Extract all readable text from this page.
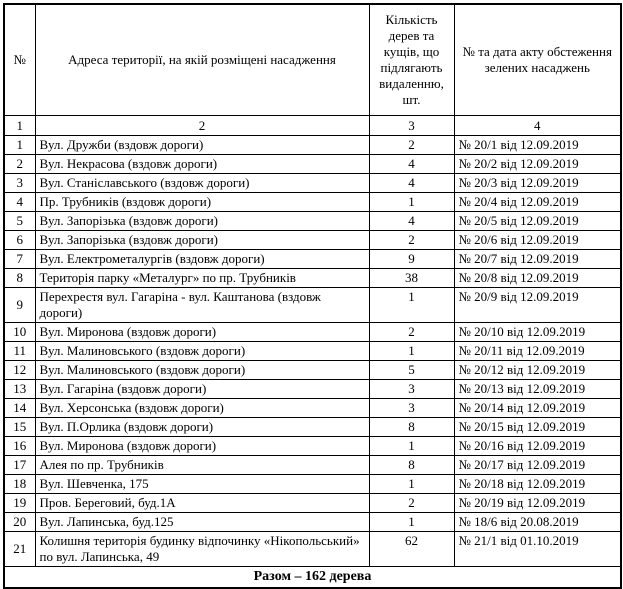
№	Адреса території, на якій розміщені насадження	Кількість дерев та кущів, що підлягають видаленню, шт.	№ та дата акту обстеження зелених насаджень
1	2	3	4
1	Вул. Дружби (вздовж дороги)	2	№ 20/1 від 12.09.2019
2	Вул. Некрасова (вздовж дороги)	4	№ 20/2 від 12.09.2019
3	Вул. Станіславського (вздовж дороги)	4	№ 20/3 від 12.09.2019
4	Пр. Трубників (вздовж дороги)	1	№ 20/4 від 12.09.2019
5	Вул. Запорізька (вздовж дороги)	4	№ 20/5 від 12.09.2019
6	Вул. Запорізька (вздовж дороги)	2	№ 20/6 від 12.09.2019
7	Вул. Електрометалургів (вздовж дороги)	9	№ 20/7 від 12.09.2019
8	Територія парку «Металург» по пр. Трубників	38	№ 20/8 від 12.09.2019
9	Перехрестя вул. Гагаріна - вул. Каштанова (вздовж дороги)	1	№ 20/9 від 12.09.2019
10	Вул. Миронова (вздовж дороги)	2	№ 20/10 від 12.09.2019
11	Вул. Малиновського (вздовж дороги)	1	№ 20/11 від 12.09.2019
12	Вул. Малиновського (вздовж дороги)	5	№ 20/12 від 12.09.2019
13	Вул. Гагаріна (вздовж дороги)	3	№ 20/13 від 12.09.2019
14	Вул. Херсонська (вздовж дороги)	3	№ 20/14 від 12.09.2019
15	Вул. П.Орлика (вздовж дороги)	8	№ 20/15 від 12.09.2019
16	Вул. Миронова (вздовж дороги)	1	№ 20/16 від 12.09.2019
17	Алея по пр. Трубників	8	№ 20/17 від 12.09.2019
18	Вул. Шевченка, 175	1	№ 20/18 від 12.09.2019
19	Пров. Береговий, буд.1А	2	№ 20/19 від 12.09.2019
20	Вул. Лапинська, буд.125	1	№ 18/6 від 20.08.2019
21	Колишня територія будинку відпочинку «Нікопольський» по вул. Лапинська, 49	62	№ 21/1 від 01.10.2019
Разом – 162 дерева			
